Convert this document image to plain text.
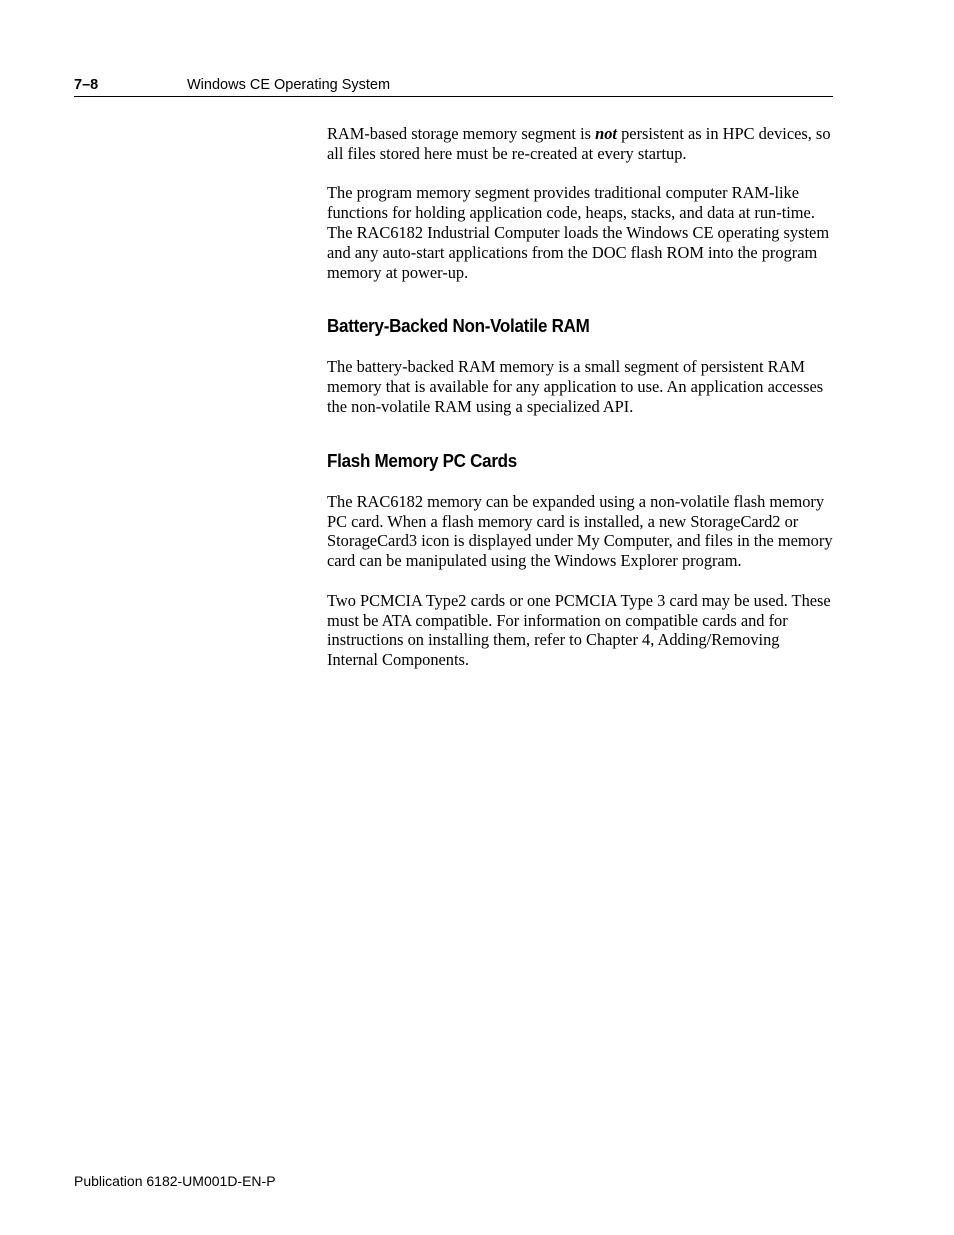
7–8	Windows CE Operating System

RAM-based storage memory segment is not persistent as in HPC devices, so all files stored here must be re-created at every startup.

The program memory segment provides traditional computer RAM-like functions for holding application code, heaps, stacks, and data at run-time. The RAC6182 Industrial Computer loads the Windows CE operating system and any auto-start applications from the DOC flash ROM into the program memory at power-up.

Battery-Backed Non-Volatile RAM

The battery-backed RAM memory is a small segment of persistent RAM memory that is available for any application to use. An application accesses the non-volatile RAM using a specialized API.

Flash Memory PC Cards

The RAC6182 memory can be expanded using a non-volatile flash memory PC card. When a flash memory card is installed, a new StorageCard2 or StorageCard3 icon is displayed under My Computer, and files in the memory card can be manipulated using the Windows Explorer program.

Two PCMCIA Type2 cards or one PCMCIA Type 3 card may be used. These must be ATA compatible. For information on compatible cards and for instructions on installing them, refer to Chapter 4, Adding/Removing Internal Components.

Publication 6182-UM001D-EN-P
